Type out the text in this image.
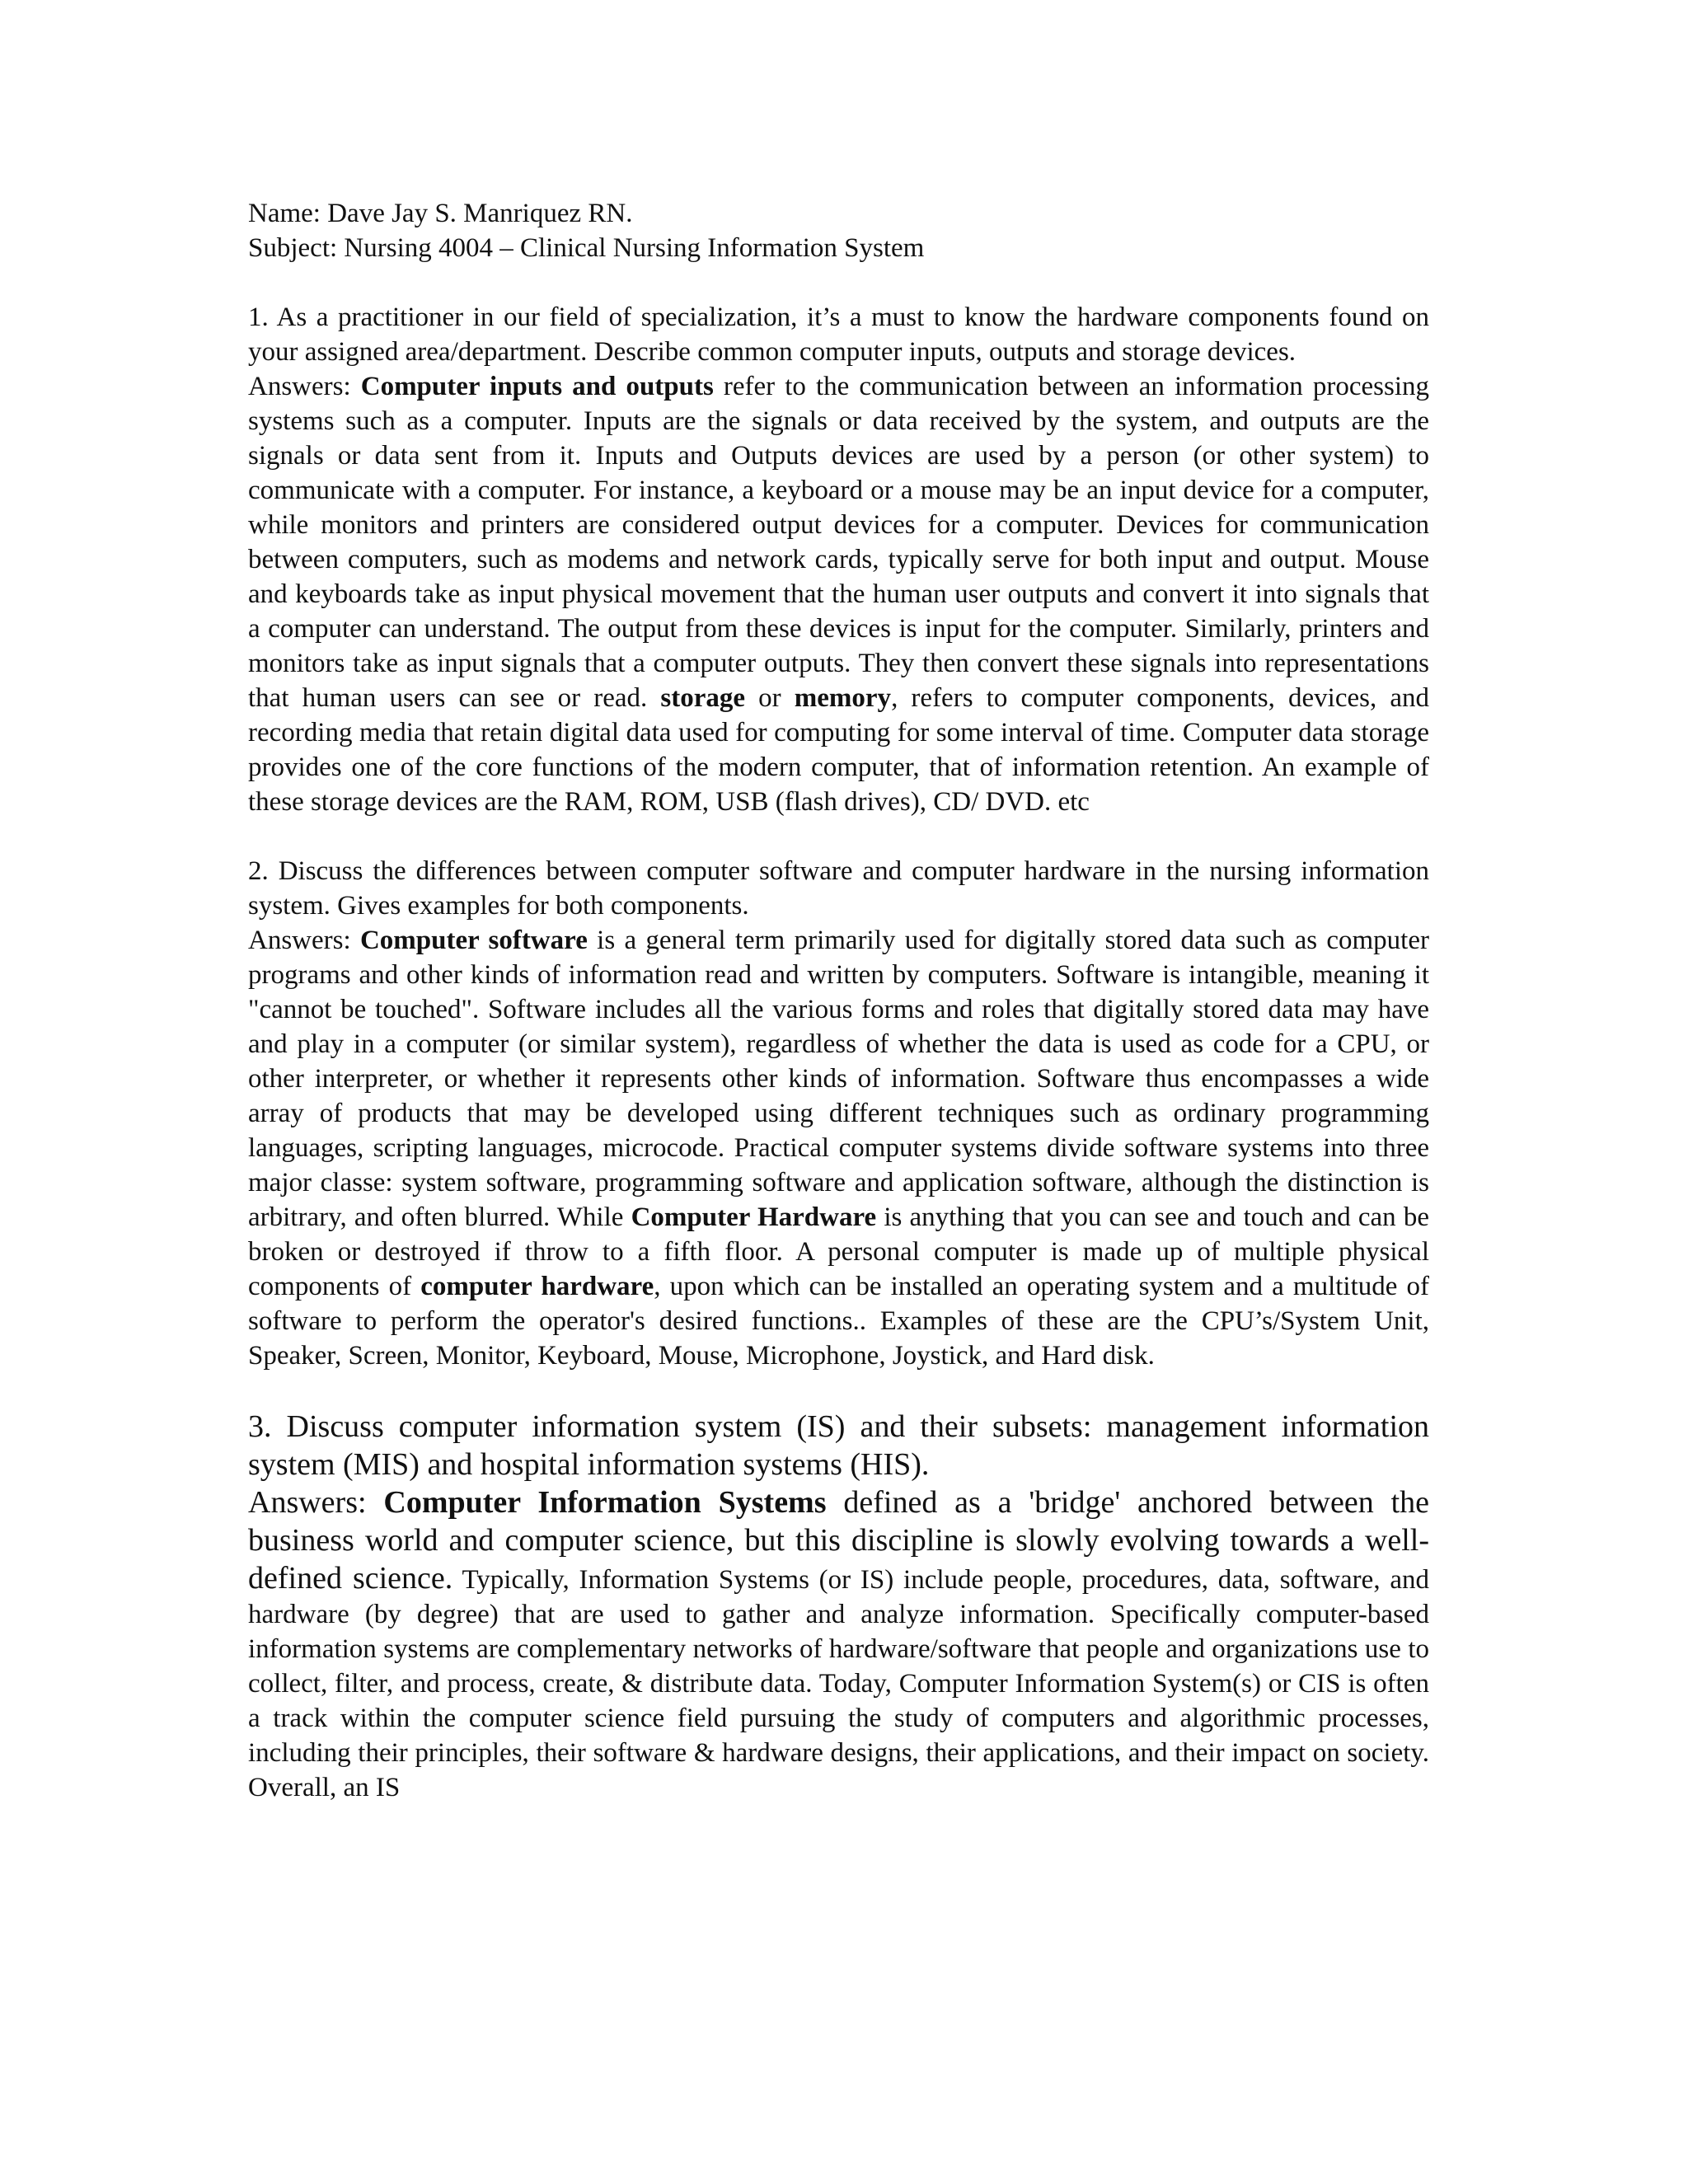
Name: Dave Jay S. Manriquez RN.

Subject: Nursing 4004 – Clinical Nursing Information System

1. As a practitioner in our field of specialization, it’s a must to know the hardware components found on your assigned area/department. Describe common computer inputs, outputs and storage devices.

Answers: Computer inputs and outputs refer to the communication between an information processing systems such as a computer. Inputs are the signals or data received by the system, and outputs are the signals or data sent from it. Inputs and Outputs devices are used by a person (or other system) to communicate with a computer. For instance, a keyboard or a mouse may be an input device for a computer, while monitors and printers are considered output devices for a computer. Devices for communication between computers, such as modems and network cards, typically serve for both input and output. Mouse and keyboards take as input physical movement that the human user outputs and convert it into signals that a computer can understand. The output from these devices is input for the computer. Similarly, printers and monitors take as input signals that a computer outputs. They then convert these signals into representations that human users can see or read. storage or memory, refers to computer components, devices, and recording media that retain digital data used for computing for some interval of time. Computer data storage provides one of the core functions of the modern computer, that of information retention. An example of these storage devices are the RAM, ROM, USB (flash drives), CD/ DVD. etc

2. Discuss the differences between computer software and computer hardware in the nursing information system. Gives examples for both components.

Answers: Computer software is a general term primarily used for digitally stored data such as computer programs and other kinds of information read and written by computers. Software is intangible, meaning it "cannot be touched". Software includes all the various forms and roles that digitally stored data may have and play in a computer (or similar system), regardless of whether the data is used as code for a CPU, or other interpreter, or whether it represents other kinds of information. Software thus encompasses a wide array of products that may be developed using different techniques such as ordinary programming languages, scripting languages, microcode. Practical computer systems divide software systems into three major classe: system software, programming software and application software, although the distinction is arbitrary, and often blurred. While Computer Hardware is anything that you can see and touch and can be broken or destroyed if throw to a fifth floor. A personal computer is made up of multiple physical components of computer hardware, upon which can be installed an operating system and a multitude of software to perform the operator's desired functions.. Examples of these are the CPU’s/System Unit, Speaker, Screen, Monitor, Keyboard, Mouse, Microphone, Joystick, and Hard disk.

3. Discuss computer information system (IS) and their subsets: management information system (MIS) and hospital information systems (HIS).

Answers: Computer Information Systems defined as a 'bridge' anchored between the business world and computer science, but this discipline is slowly evolving towards a well-defined science. Typically, Information Systems (or IS) include people, procedures, data, software, and hardware (by degree) that are used to gather and analyze information. Specifically computer-based information systems are complementary networks of hardware/software that people and organizations use to collect, filter, and process, create, & distribute data. Today, Computer Information System(s) or CIS is often a track within the computer science field pursuing the study of computers and algorithmic processes, including their principles, their software & hardware designs, their applications, and their impact on society. Overall, an IS
